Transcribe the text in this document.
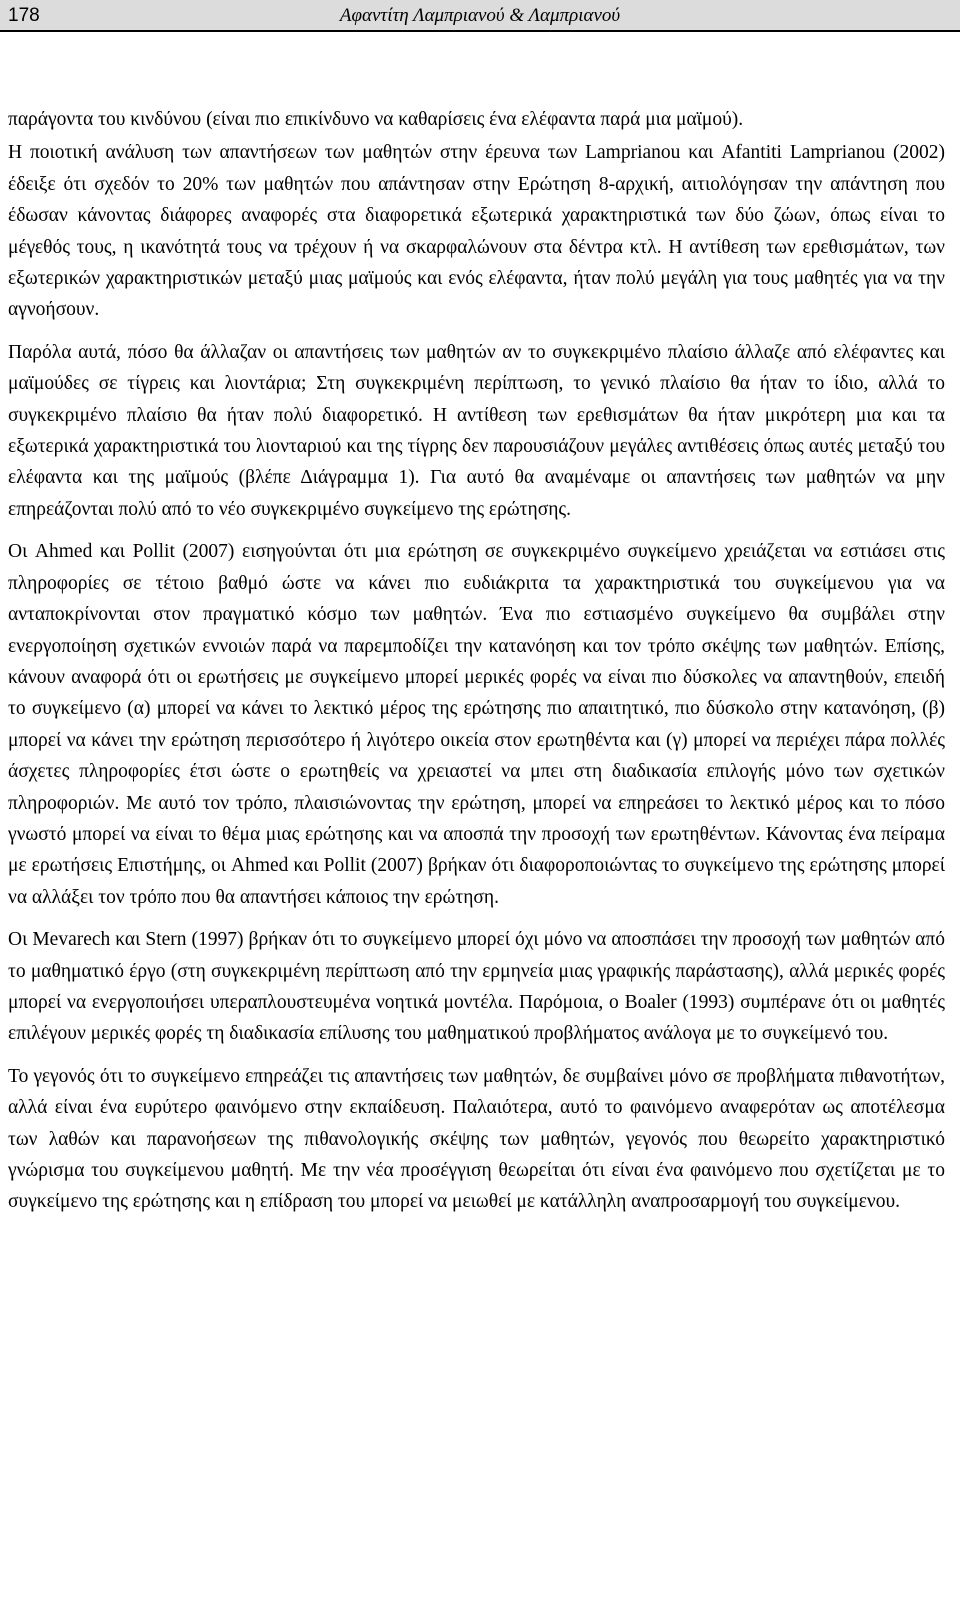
178	Αφαντίτη Λαμπριανού & Λαμπριανού

παράγοντα του κινδύνου (είναι πιο επικίνδυνο να καθαρίσεις ένα ελέφαντα παρά μια μαϊμού).

Η ποιοτική ανάλυση των απαντήσεων των μαθητών στην έρευνα των Lamprianou και Afantiti Lamprianou (2002) έδειξε ότι σχεδόν το 20% των μαθητών που απάντησαν στην Ερώτηση 8-αρχική, αιτιολόγησαν την απάντηση που έδωσαν κάνοντας διάφορες αναφορές στα διαφορετικά εξωτερικά χαρακτηριστικά των δύο ζώων, όπως είναι το μέγεθός τους, η ικανότητά τους να τρέχουν ή να σκαρφαλώνουν στα δέντρα κτλ. Η αντίθεση των ερεθισμάτων, των εξωτερικών χαρακτηριστικών μεταξύ μιας μαϊμούς και ενός ελέφαντα, ήταν πολύ μεγάλη για τους μαθητές για να την αγνοήσουν.

Παρόλα αυτά, πόσο θα άλλαζαν οι απαντήσεις των μαθητών αν το συγκεκριμένο πλαίσιο άλλαζε από ελέφαντες και μαϊμούδες σε τίγρεις και λιοντάρια; Στη συγκεκριμένη περίπτωση, το γενικό πλαίσιο θα ήταν το ίδιο, αλλά το συγκεκριμένο πλαίσιο θα ήταν πολύ διαφορετικό. Η αντίθεση των ερεθισμάτων θα ήταν μικρότερη μια και τα εξωτερικά χαρακτηριστικά του λιονταριού και της τίγρης δεν παρουσιάζουν μεγάλες αντιθέσεις όπως αυτές μεταξύ του ελέφαντα και της μαϊμούς (βλέπε Διάγραμμα 1). Για αυτό θα αναμέναμε οι απαντήσεις των μαθητών να μην επηρεάζονται πολύ από το νέο συγκεκριμένο συγκείμενο της ερώτησης.

Οι Ahmed και Pollit (2007) εισηγούνται ότι μια ερώτηση σε συγκεκριμένο συγκείμενο χρειάζεται να εστιάσει στις πληροφορίες σε τέτοιο βαθμό ώστε να κάνει πιο ευδιάκριτα τα χαρακτηριστικά του συγκείμενου για να ανταποκρίνονται στον πραγματικό κόσμο των μαθητών. Ένα πιο εστιασμένο συγκείμενο θα συμβάλει στην ενεργοποίηση σχετικών εννοιών παρά να παρεμποδίζει την κατανόηση και τον τρόπο σκέψης των μαθητών. Επίσης, κάνουν αναφορά ότι οι ερωτήσεις με συγκείμενο μπορεί μερικές φορές να είναι πιο δύσκολες να απαντηθούν, επειδή το συγκείμενο (α) μπορεί να κάνει το λεκτικό μέρος της ερώτησης πιο απαιτητικό, πιο δύσκολο στην κατανόηση, (β) μπορεί να κάνει την ερώτηση περισσότερο ή λιγότερο οικεία στον ερωτηθέντα και (γ) μπορεί να περιέχει πάρα πολλές άσχετες πληροφορίες έτσι ώστε ο ερωτηθείς να χρειαστεί να μπει στη διαδικασία επιλογής μόνο των σχετικών πληροφοριών. Με αυτό τον τρόπο, πλαισιώνοντας την ερώτηση, μπορεί να επηρεάσει το λεκτικό μέρος και το πόσο γνωστό μπορεί να είναι το θέμα μιας ερώτησης και να αποσπά την προσοχή των ερωτηθέντων. Κάνοντας ένα πείραμα με ερωτήσεις Επιστήμης, οι Ahmed και Pollit (2007) βρήκαν ότι διαφοροποιώντας το συγκείμενο της ερώτησης μπορεί να αλλάξει τον τρόπο που θα απαντήσει κάποιος την ερώτηση.

Οι Mevarech και Stern (1997) βρήκαν ότι το συγκείμενο μπορεί όχι μόνο να αποσπάσει την προσοχή των μαθητών από το μαθηματικό έργο (στη συγκεκριμένη περίπτωση από την ερμηνεία μιας γραφικής παράστασης), αλλά μερικές φορές μπορεί να ενεργοποιήσει υπεραπλουστευμένα νοητικά μοντέλα. Παρόμοια, ο Boaler (1993) συμπέρανε ότι οι μαθητές επιλέγουν μερικές φορές τη διαδικασία επίλυσης του μαθηματικού προβλήματος ανάλογα με το συγκείμενό του.

Το γεγονός ότι το συγκείμενο επηρεάζει τις απαντήσεις των μαθητών, δε συμβαίνει μόνο σε προβλήματα πιθανοτήτων, αλλά είναι ένα ευρύτερο φαινόμενο στην εκπαίδευση. Παλαιότερα, αυτό το φαινόμενο αναφερόταν ως αποτέλεσμα των λαθών και παρανοήσεων της πιθανολογικής σκέψης των μαθητών, γεγονός που θεωρείτο χαρακτηριστικό γνώρισμα του συγκείμενου μαθητή. Με την νέα προσέγγιση θεωρείται ότι είναι ένα φαινόμενο που σχετίζεται με το συγκείμενο της ερώτησης και η επίδραση του μπορεί να μειωθεί με κατάλληλη αναπροσαρμογή του συγκείμενου.
